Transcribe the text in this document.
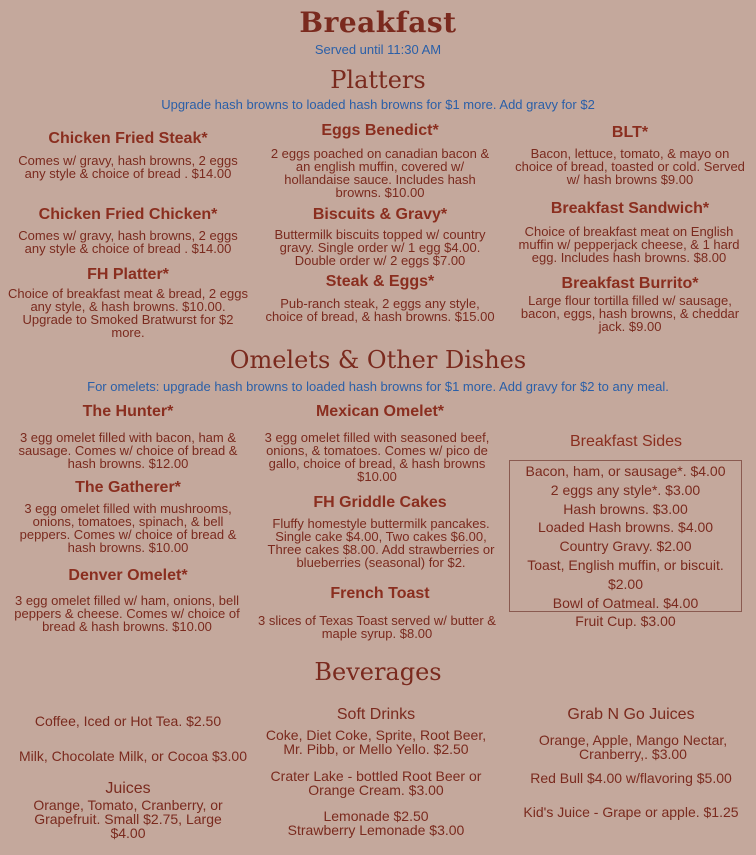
Breakfast
Served until 11:30 AM
Platters
Upgrade hash browns to loaded hash browns for $1 more. Add gravy for $2
Chicken Fried Steak*
Comes w/ gravy, hash browns, 2 eggs any style & choice of bread . $14.00
Eggs Benedict*
2 eggs poached on canadian bacon & an english muffin, covered w/ hollandaise sauce. Includes hash browns. $10.00
BLT*
Bacon, lettuce, tomato, & mayo on choice of bread, toasted or cold. Served w/ hash browns $9.00
Chicken Fried Chicken*
Comes w/ gravy, hash browns, 2 eggs any style & choice of bread . $14.00
Biscuits & Gravy*
Buttermilk biscuits topped w/ country gravy. Single order w/ 1 egg $4.00. Double order w/ 2 eggs $7.00
Breakfast Sandwich*
Choice of breakfast meat on English muffin w/ pepperjack cheese, & 1 hard egg. Includes hash browns. $8.00
FH Platter*
Choice of breakfast meat & bread, 2 eggs any style, & hash browns. $10.00. Upgrade to Smoked Bratwurst for $2 more.
Steak & Eggs*
Pub-ranch steak, 2 eggs any style, choice of bread, & hash browns. $15.00
Breakfast Burrito*
Large flour tortilla filled w/ sausage, bacon, eggs, hash browns, & cheddar jack. $9.00
Omelets & Other Dishes
For omelets: upgrade hash browns to loaded hash browns for $1 more. Add gravy for $2 to any meal.
The Hunter*
3 egg omelet filled with bacon, ham & sausage. Comes w/ choice of bread & hash browns. $12.00
Mexican Omelet*
3 egg omelet filled with seasoned beef, onions, & tomatoes. Comes w/ pico de gallo, choice of bread, & hash browns $10.00
The Gatherer*
3 egg omelet filled with mushrooms, onions, tomatoes, spinach, & bell peppers. Comes w/ choice of bread & hash browns. $10.00
FH Griddle Cakes
Fluffy homestyle buttermilk pancakes. Single cake $4.00, Two cakes $6.00, Three cakes $8.00. Add strawberries or blueberries (seasonal) for $2.
Denver Omelet*
3 egg omelet filled w/ ham, onions, bell peppers & cheese. Comes w/ choice of bread & hash browns. $10.00
French Toast
3 slices of Texas Toast served w/ butter & maple syrup. $8.00
Breakfast Sides
Bacon, ham, or sausage*. $4.00
2 eggs any style*. $3.00
Hash browns. $3.00
Loaded Hash browns. $4.00
Country Gravy. $2.00
Toast, English muffin, or biscuit. $2.00
Bowl of Oatmeal. $4.00
Fruit Cup. $3.00
Beverages
Coffee, Iced or Hot Tea. $2.50
Milk, Chocolate Milk, or Cocoa $3.00
Juices
Orange, Tomato, Cranberry, or Grapefruit. Small $2.75, Large $4.00
Soft Drinks
Coke, Diet Coke, Sprite, Root Beer, Mr. Pibb, or Mello Yello. $2.50
Crater Lake - bottled Root Beer or Orange Cream. $3.00
Lemonade $2.50
Strawberry Lemonade $3.00
Grab N Go Juices
Orange, Apple, Mango Nectar, Cranberry,. $3.00
Red Bull $4.00 w/flavoring $5.00
Kid's Juice - Grape or apple. $1.25
